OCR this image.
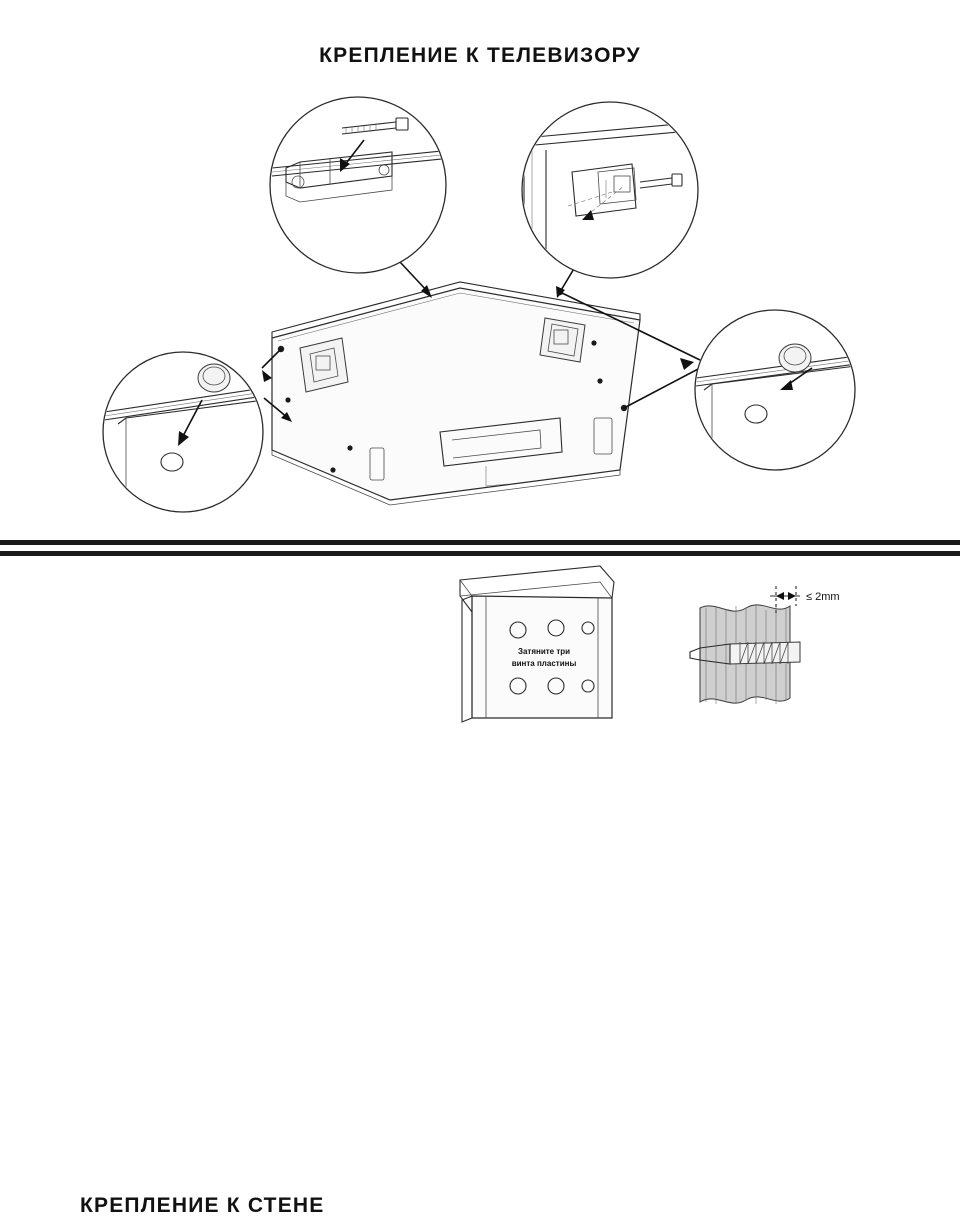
КРЕПЛЕНИЕ К ТЕЛЕВИЗОРУ
КРЕПЛЕНИЕ К СТЕНЕ
Затяните три
винта пластины
≤ 2mm
